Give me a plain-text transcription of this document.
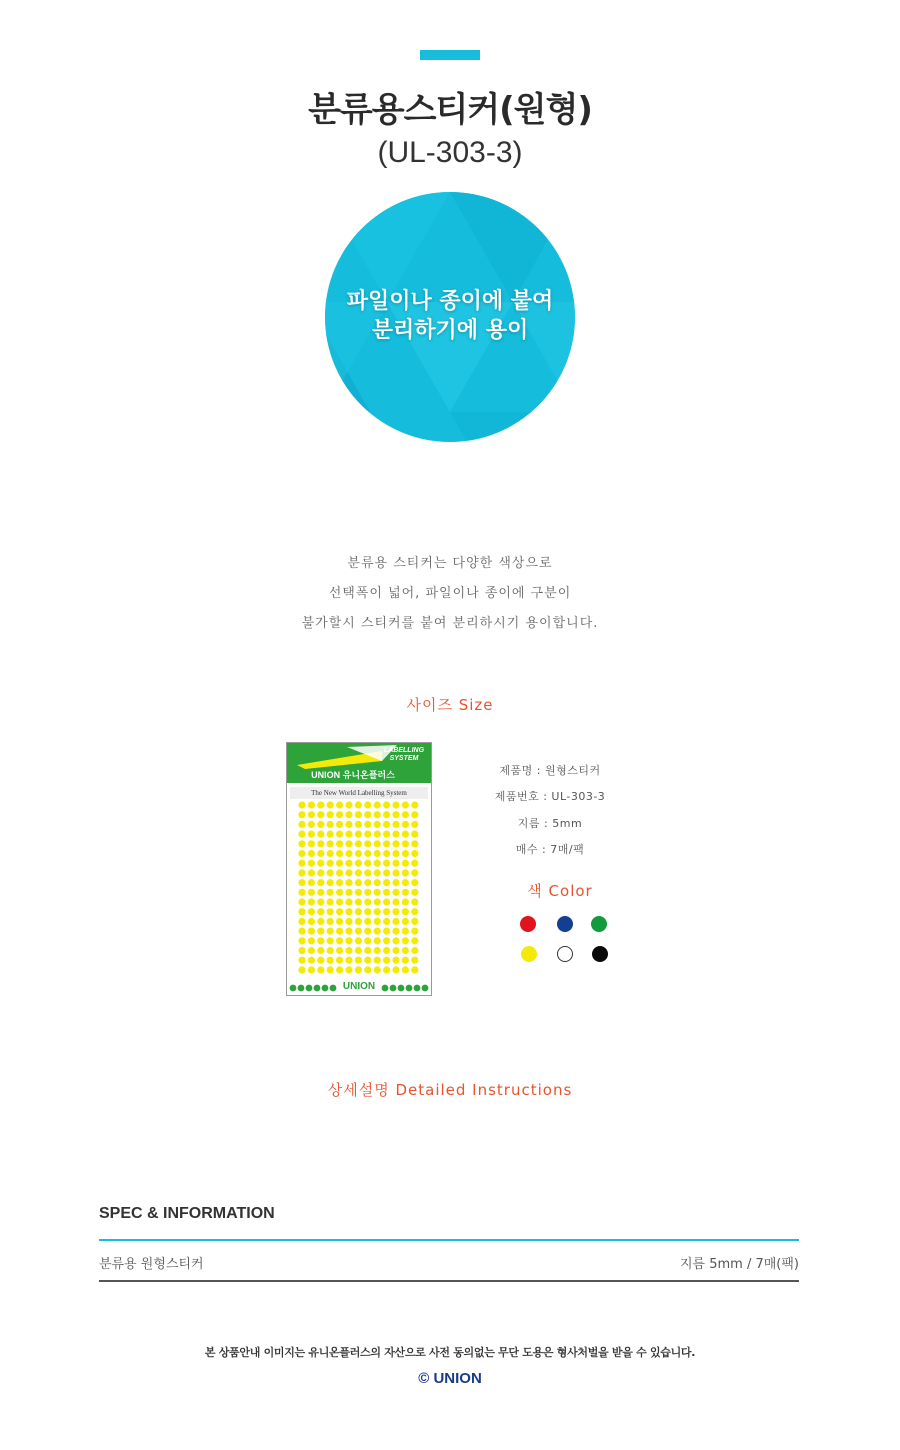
분류용스티커(원형)
(UL-303-3)
파일이나 종이에 붙여
분리하기에 용이
분류용 스티커는 다양한 색상으로
선택폭이 넓어, 파일이나 종이에 구분이
불가할시 스티커를 붙여 분리하시기 용이합니다.
사이즈 Size
LABELLING SYSTEM
UNION 유니온플러스
The New World Labelling System
UNION
제품명 : 원형스티커
제품번호 : UL-303-3
지름 : 5mm
매수 : 7매/팩
색 Color
상세설명 Detailed Instructions
SPEC & INFORMATION
분류용 원형스티커	지름 5mm / 7매(팩)
본 상품안내 이미지는 유니온플러스의 자산으로 사전 동의없는 무단 도용은 형사처벌을 받을 수 있습니다.
© UNION
